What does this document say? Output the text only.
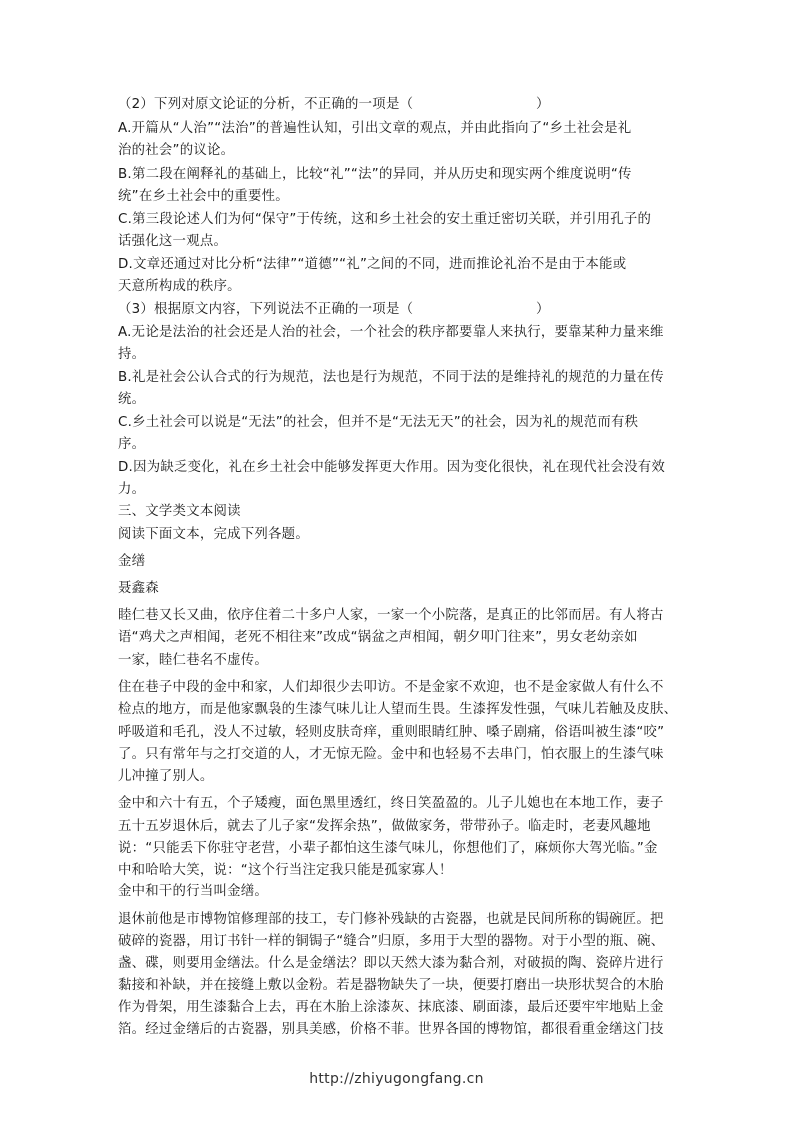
（2）下列对原文论证的分析，不正确的一项是（　　　　　　　　　）
A.开篇从“人治”“法治”的普遍性认知，引出文章的观点，并由此指向了“乡土社会是礼
治的社会”的议论。
B.第二段在阐释礼的基础上，比较“礼”“法”的异同，并从历史和现实两个维度说明“传
统”在乡土社会中的重要性。
C.第三段论述人们为何“保守”于传统，这和乡土社会的安土重迁密切关联，并引用孔子的
话强化这一观点。
D.文章还通过对比分析“法律”“道德”“礼”之间的不同，进而推论礼治不是由于本能或
天意所构成的秩序。
（3）根据原文内容，下列说法不正确的一项是（　　　　　　　　　）
A.无论是法治的社会还是人治的社会，一个社会的秩序都要靠人来执行，要靠某种力量来维
持。
B.礼是社会公认合式的行为规范，法也是行为规范，不同于法的是维持礼的规范的力量在传
统。
C.乡土社会可以说是“无法”的社会，但并不是“无法无天”的社会，因为礼的规范而有秩
序。
D.因为缺乏变化，礼在乡土社会中能够发挥更大作用。因为变化很快，礼在现代社会没有效
力。
三、文学类文本阅读
阅读下面文本，完成下列各题。
金缮
聂鑫森
睦仁巷又长又曲，依序住着二十多户人家，一家一个小院落，是真正的比邻而居。有人将古
语“鸡犬之声相闻，老死不相往来”改成“锅盆之声相闻，朝夕叩门往来”，男女老幼亲如
一家，睦仁巷名不虚传。
住在巷子中段的金中和家，人们却很少去叩访。不是金家不欢迎，也不是金家做人有什么不
检点的地方，而是他家飘袅的生漆气味儿让人望而生畏。生漆挥发性强，气味儿若触及皮肤、
呼吸道和毛孔，没人不过敏，轻则皮肤奇痒，重则眼睛红肿、嗓子剧痛，俗语叫被生漆“咬”
了。只有常年与之打交道的人，才无惊无险。金中和也轻易不去串门，怕衣服上的生漆气味
儿冲撞了别人。
金中和六十有五，个子矮瘦，面色黑里透红，终日笑盈盈的。儿子儿媳也在本地工作，妻子
五十五岁退休后，就去了儿子家“发挥余热”，做做家务，带带孙子。临走时，老妻风趣地
说：“只能丢下你驻守老营，小辈子都怕这生漆气味儿，你想他们了，麻烦你大驾光临。”金
中和哈哈大笑，说：“这个行当注定我只能是孤家寡人！
金中和干的行当叫金缮。
退休前他是市博物馆修理部的技工，专门修补残缺的古瓷器，也就是民间所称的锔碗匠。把
破碎的瓷器，用订书针一样的铜锔子“缝合”归原，多用于大型的器物。对于小型的瓶、碗、
盏、碟，则要用金缮法。什么是金缮法？即以天然大漆为黏合剂，对破损的陶、瓷碎片进行
黏接和补缺，并在接缝上敷以金粉。若是器物缺失了一块，便要打磨出一块形状契合的木胎
作为骨架，用生漆黏合上去，再在木胎上涂漆灰、抹底漆、刷面漆，最后还要牢牢地贴上金
箔。经过金缮后的古瓷器，别具美感，价格不菲。世界各国的博物馆，都很看重金缮这门技
http://zhiyugongfang.cn
